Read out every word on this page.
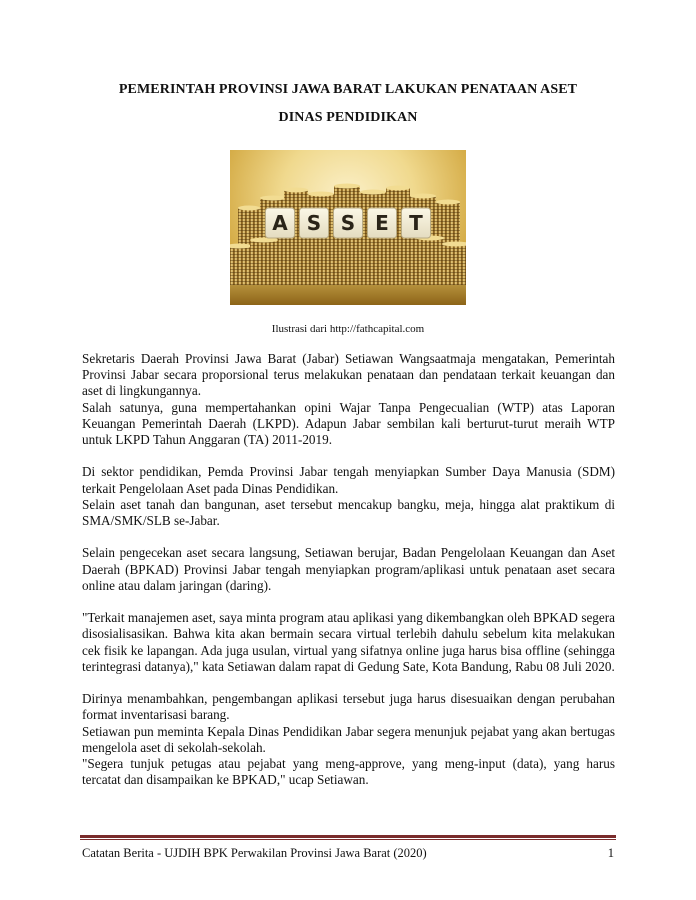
PEMERINTAH PROVINSI JAWA BARAT LAKUKAN PENATAAN ASET
DINAS PENDIDIKAN
A S S E T
Ilustrasi dari http://fathcapital.com

Sekretaris Daerah Provinsi Jawa Barat (Jabar) Setiawan Wangsaatmaja mengatakan, Pemerintah Provinsi Jabar secara proporsional terus melakukan penataan dan pendataan terkait keuangan dan aset di lingkungannya.

Salah satunya, guna mempertahankan opini Wajar Tanpa Pengecualian (WTP) atas Laporan Keuangan Pemerintah Daerah (LKPD). Adapun Jabar sembilan kali berturut-turut meraih WTP untuk LKPD Tahun Anggaran (TA) 2011-2019.

Di sektor pendidikan, Pemda Provinsi Jabar tengah menyiapkan Sumber Daya Manusia (SDM) terkait Pengelolaan Aset pada Dinas Pendidikan.

Selain aset tanah dan bangunan, aset tersebut mencakup bangku, meja, hingga alat praktikum di SMA/SMK/SLB se-Jabar.

Selain pengecekan aset secara langsung, Setiawan berujar, Badan Pengelolaan Keuangan dan Aset Daerah (BPKAD) Provinsi Jabar tengah menyiapkan program/aplikasi untuk penataan aset secara online atau dalam jaringan (daring).

"Terkait manajemen aset, saya minta program atau aplikasi yang dikembangkan oleh BPKAD segera disosialisasikan. Bahwa kita akan bermain secara virtual terlebih dahulu sebelum kita melakukan cek fisik ke lapangan. Ada juga usulan, virtual yang sifatnya online juga harus bisa offline (sehingga terintegrasi datanya)," kata Setiawan dalam rapat di Gedung Sate, Kota Bandung, Rabu 08 Juli 2020.

Dirinya menambahkan, pengembangan aplikasi tersebut juga harus disesuaikan dengan perubahan format inventarisasi barang.

Setiawan pun meminta Kepala Dinas Pendidikan Jabar segera menunjuk pejabat yang akan bertugas mengelola aset di sekolah-sekolah.

"Segera tunjuk petugas atau pejabat yang meng-approve, yang meng-input (data), yang harus tercatat dan disampaikan ke BPKAD," ucap Setiawan.

Catatan Berita - UJDIH BPK Perwakilan Provinsi Jawa Barat (2020)	1
